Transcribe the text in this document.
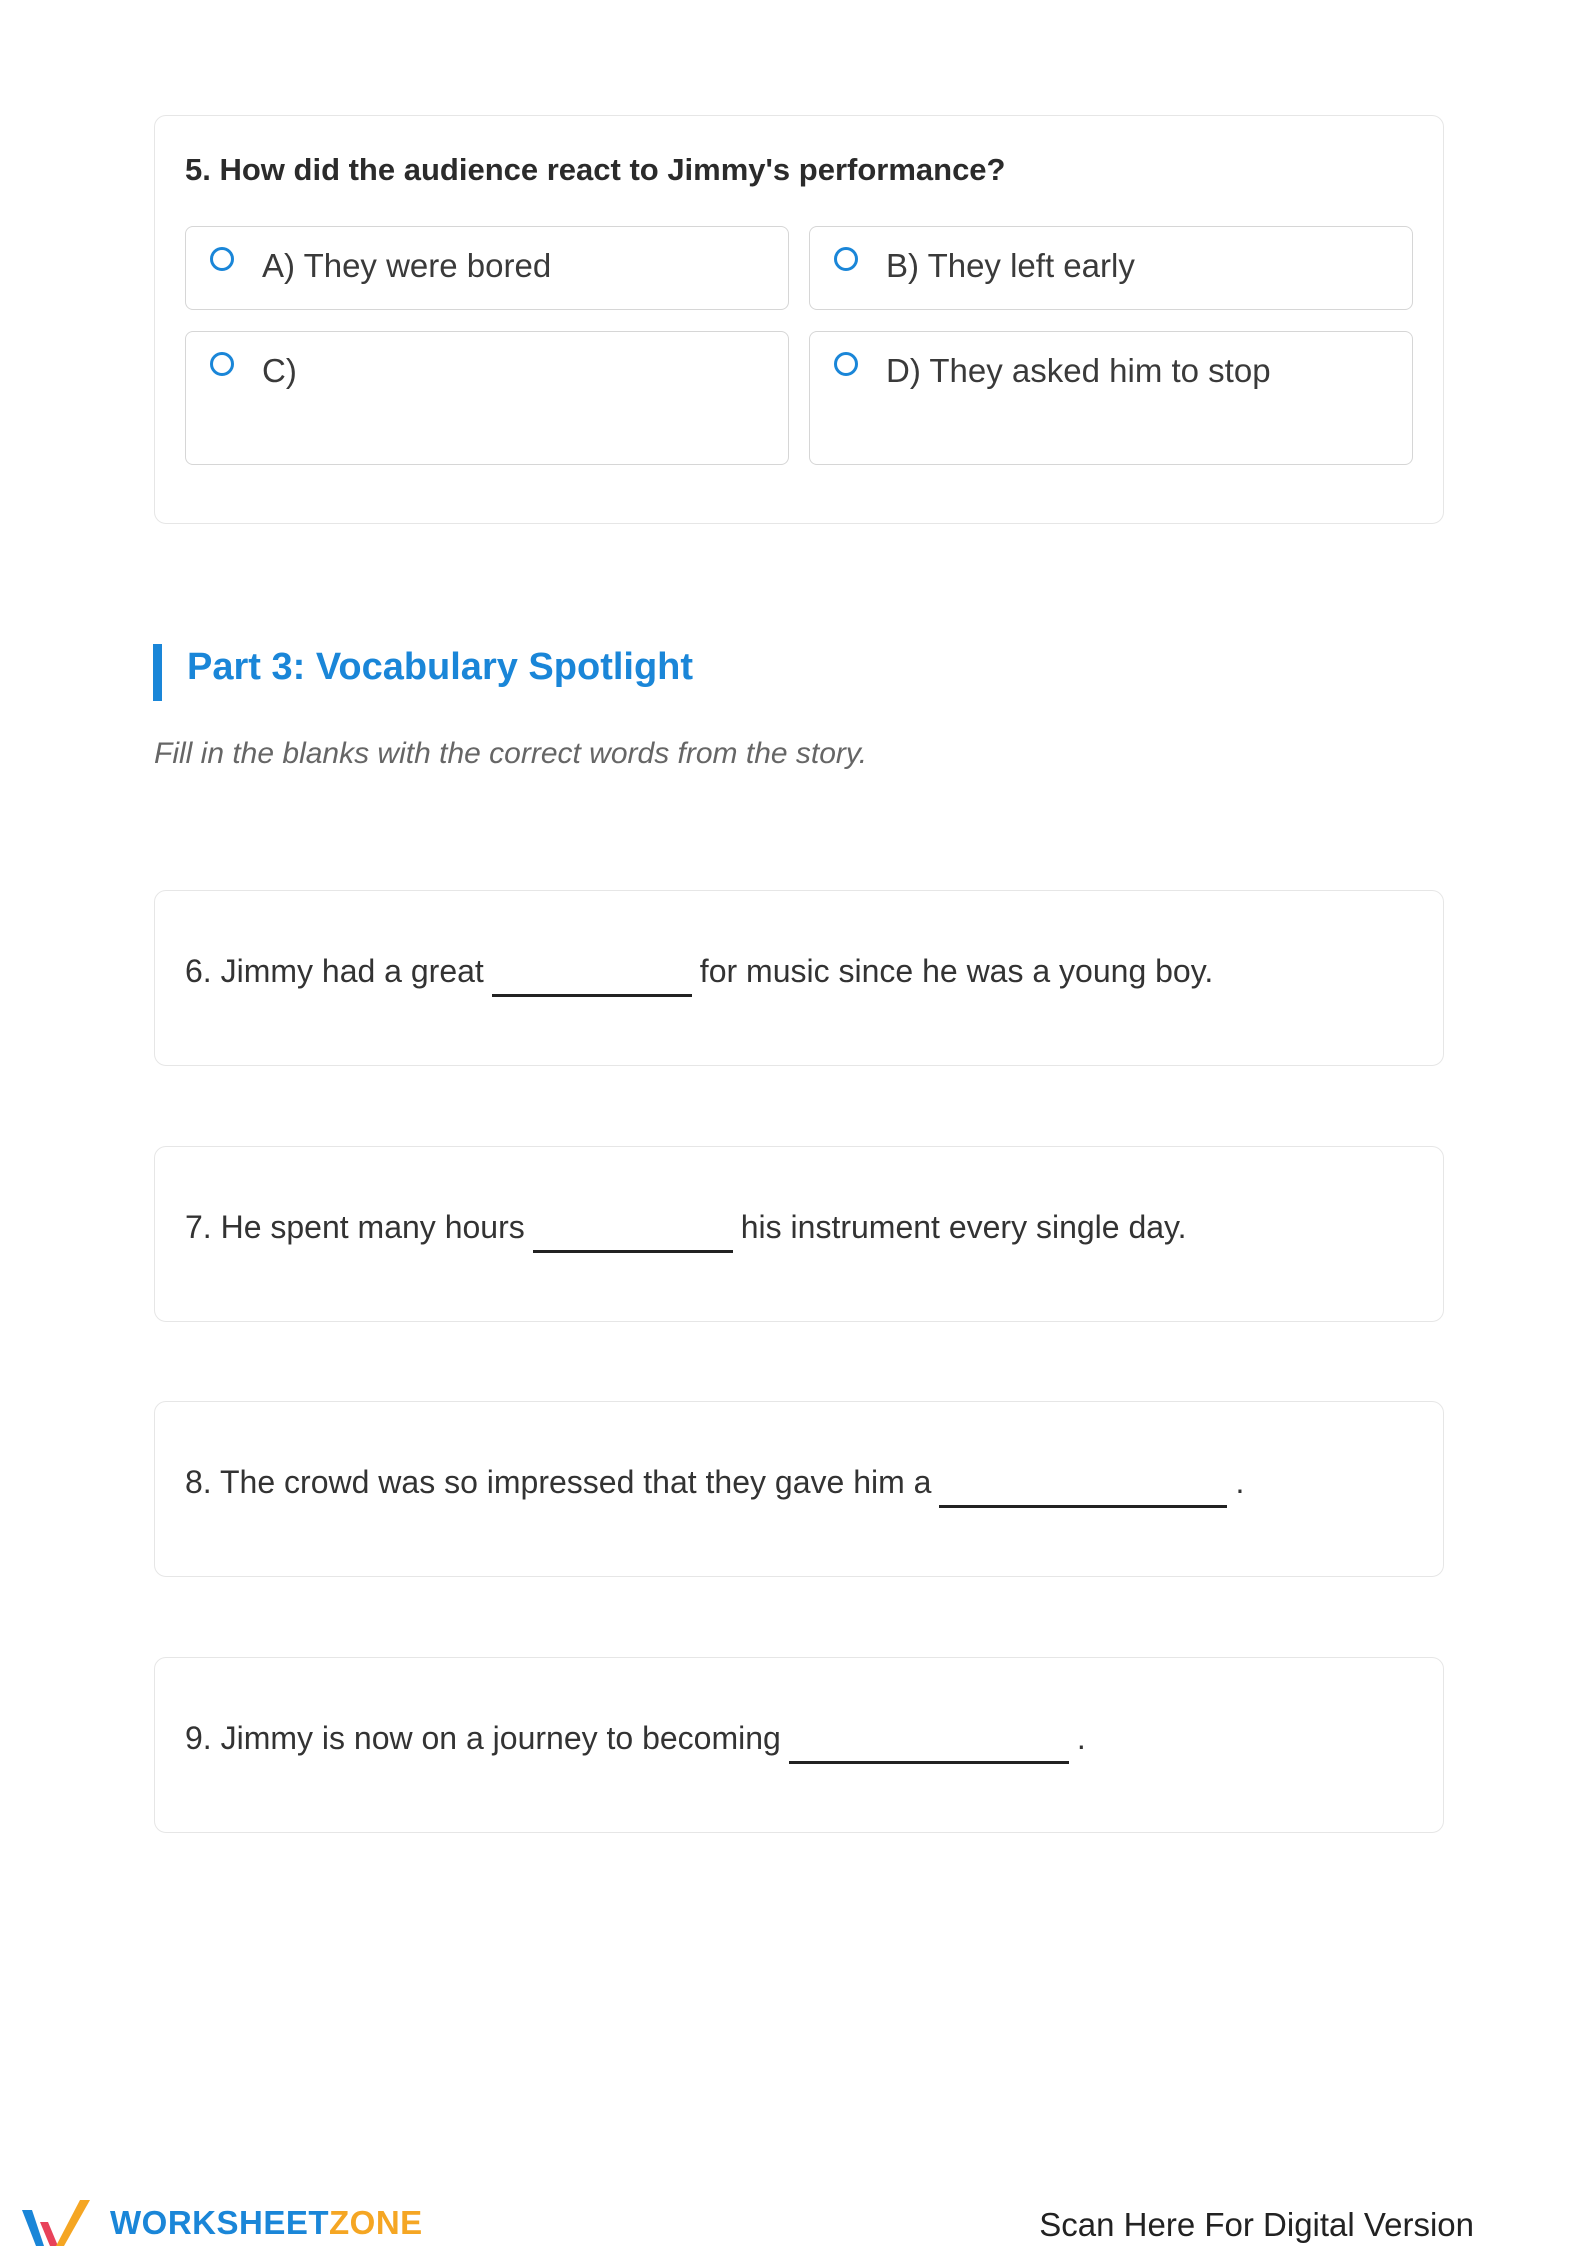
5. How did the audience react to Jimmy's performance?
A) They were bored	B) They left early
C)	D) They asked him to stop
Part 3: Vocabulary Spotlight
Fill in the blanks with the correct words from the story.
6. Jimmy had a great	for music since he was a young boy.
7. He spent many hours	his instrument every single day.
8. The crowd was so impressed that they gave him a	.
9. Jimmy is now on a journey to becoming	.
WORKSHEETZONE	Scan Here For Digital Version
